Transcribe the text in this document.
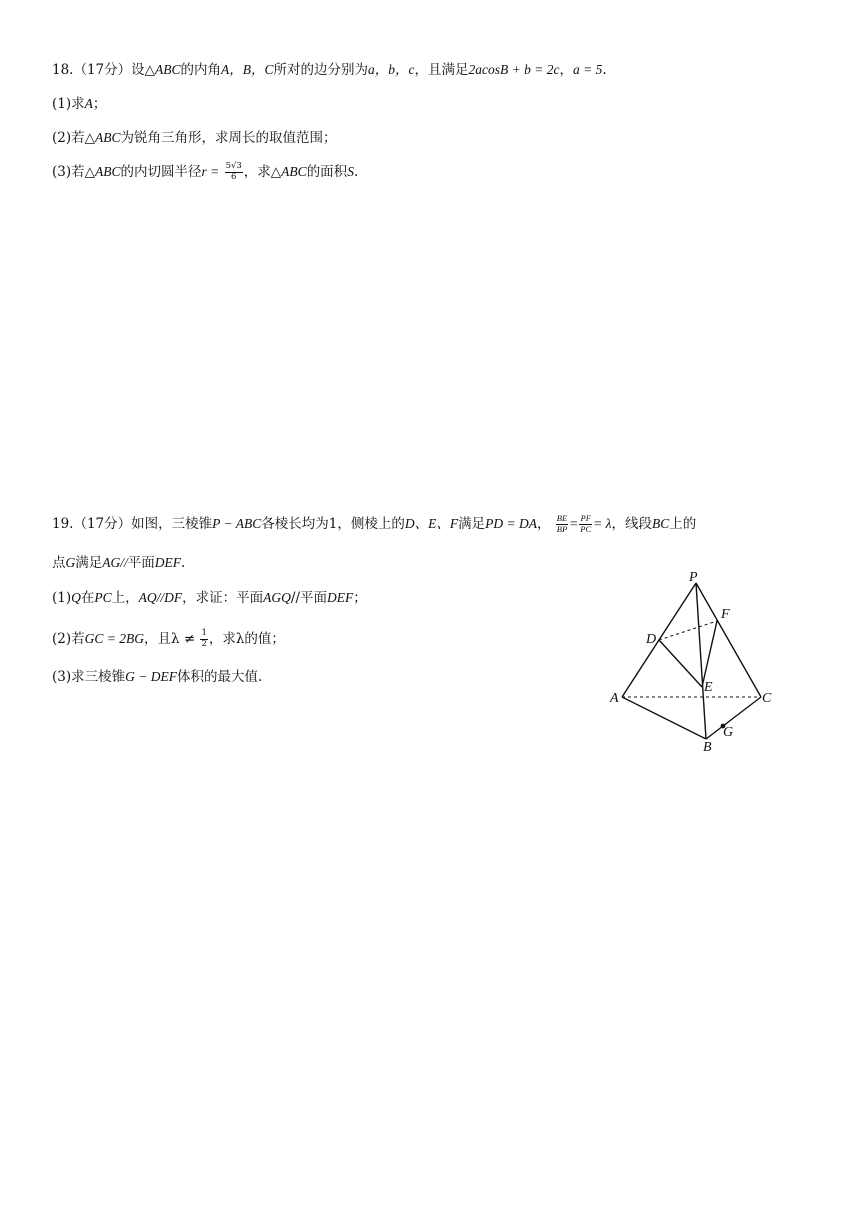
18.（17分）设△ABC的内角A，B，C所对的边分别为a，b，c，且满足2acosB + b = 2c，a = 5.
(1)求A；
(2)若△ABC为锐角三角形，求周长的取值范围；
(3)若△ABC的内切圆半径$r = \frac{5√3}{6}$ ，求△ABC的面积S.
19.（17分）如图，三棱锥P − ABC各棱长均为1，侧棱上的D、E、F满足PD = DA， $\frac{BE}{BP} = \frac{PF}{PC} = \lambda$，线段BC上的
点G满足AG//平面DEF.
(1)Q在PC上，AQ//DF，求证：平面AGQ//平面DEF；
(2)若GC = 2BG，且$\lambda \ne \frac{1}{2}$ ，求λ的值；
(3)求三棱锥G − DEF体积的最大值.
P
F
D
E
A	C
G
B
